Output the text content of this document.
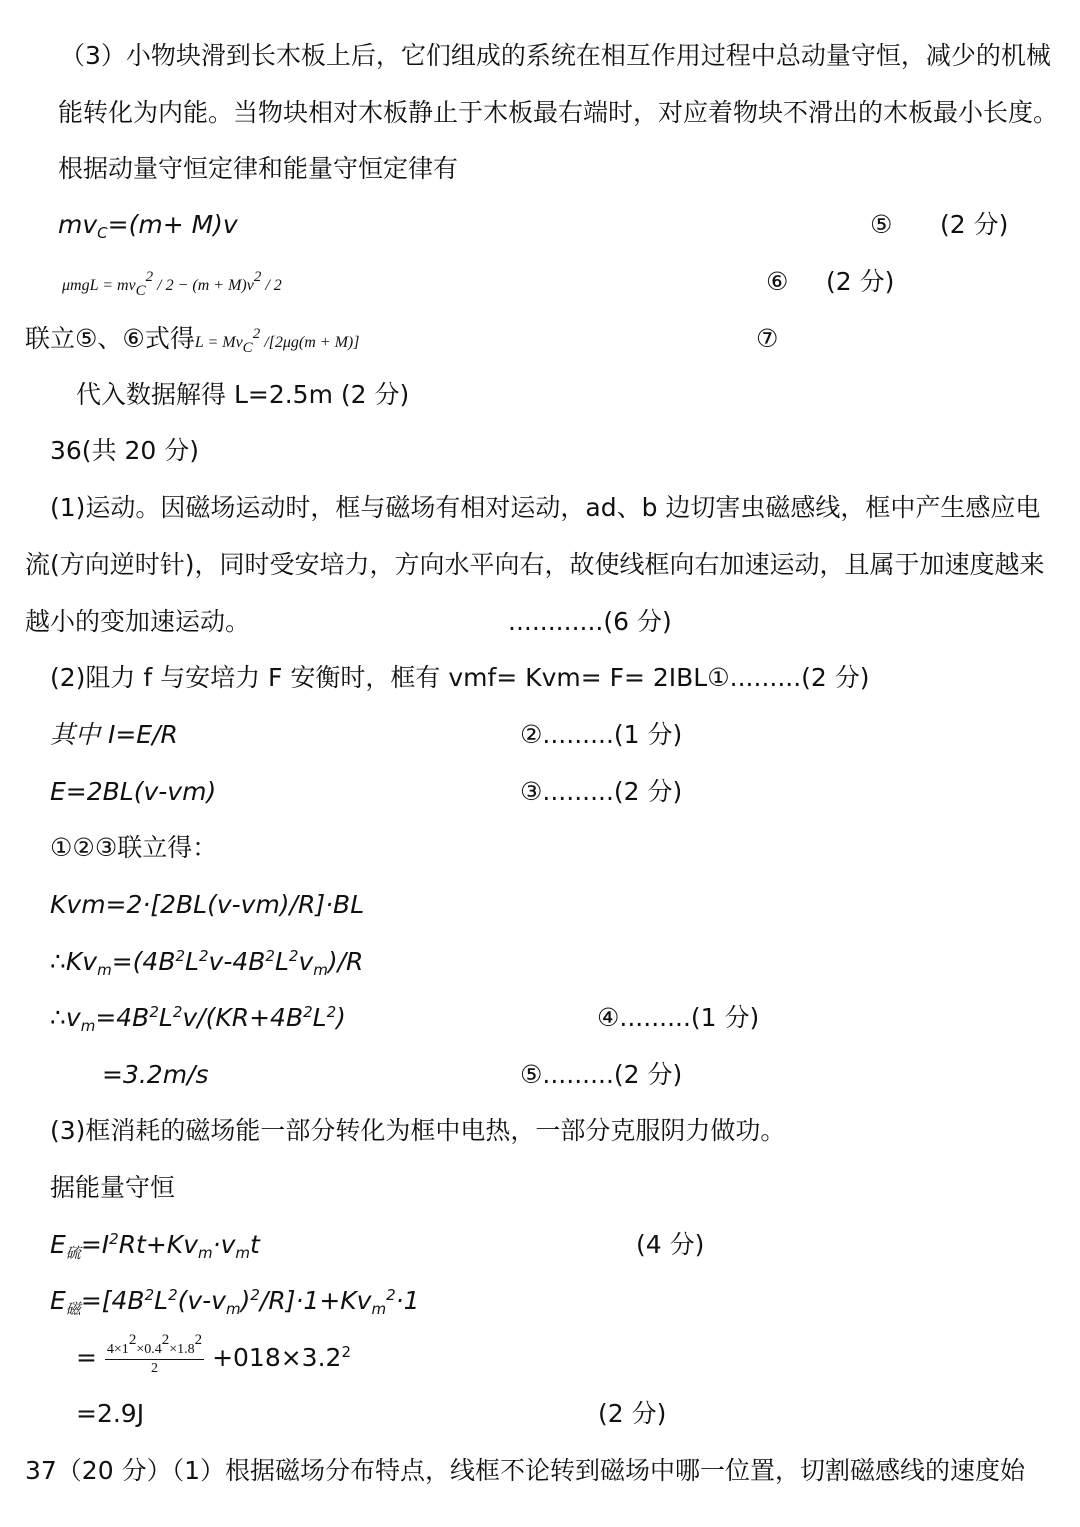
（3）小物块滑到长木板上后，它们组成的系统在相互作用过程中总动量守恒，减少的机械
能转化为内能。当物块相对木板静止于木板最右端时，对应着物块不滑出的木板最小长度。
根据动量守恒定律和能量守恒定律有
$mv_C=(m+ M)v$	⑤ (2 分)
$\mu mgL = mv_C^2 / 2 - (m + M)v^2 / 2$	⑥ (2 分)
联立⑤、⑥式得$L = Mv_C^2$ /[2μg(m + M)]	⑦
代入数据解得 L=2.5m (2 分)
36(共 20 分)
(1)运动。因磁场运动时，框与磁场有相对运动，ad、b 边切害虫磁感线，框中产生感应电
流(方向逆时针)，同时受安培力，方向水平向右，故使线框向右加速运动，且属于加速度越来
越小的变加速运动。	............(6 分)
(2)阻力 f 与安培力 F 安衡时，框有 vmf= Kvm= F= 2IBL①.........(2 分)
其中 I=E/R	②.........(1 分)
E=2BL(v-vm)	③.........(2 分)
①②③联立得：
Kvm=2·[2BL(v-vm)/R]·BL
$\therefore Kv_m=(4B^2L^2v-4B^2L^2v_m)/R$
$\therefore v_m=4B^2L^2v/(KR+4B^2L^2)$	④.........(1 分)
=3.2m/s	⑤.........(2 分)
(3)框消耗的磁场能一部分转化为框中电热，一部分克服阴力做功。
据能量守恒
$E_硫=I^2Rt+Kv_m\cdot v_mt$	(4 分)
$E_磁=[4B^2L^2(v-v_m)^2/R]\cdot 1+Kv_m^2\cdot 1$
= $\frac{4\times 1^2\times 0.4^2\times 1.8^2}{2} +018\times 3.2^2$
=2.9J	(2 分)
37（20 分）（1）根据磁场分布特点，线框不论转到磁场中哪一位置，切割磁感线的速度始
